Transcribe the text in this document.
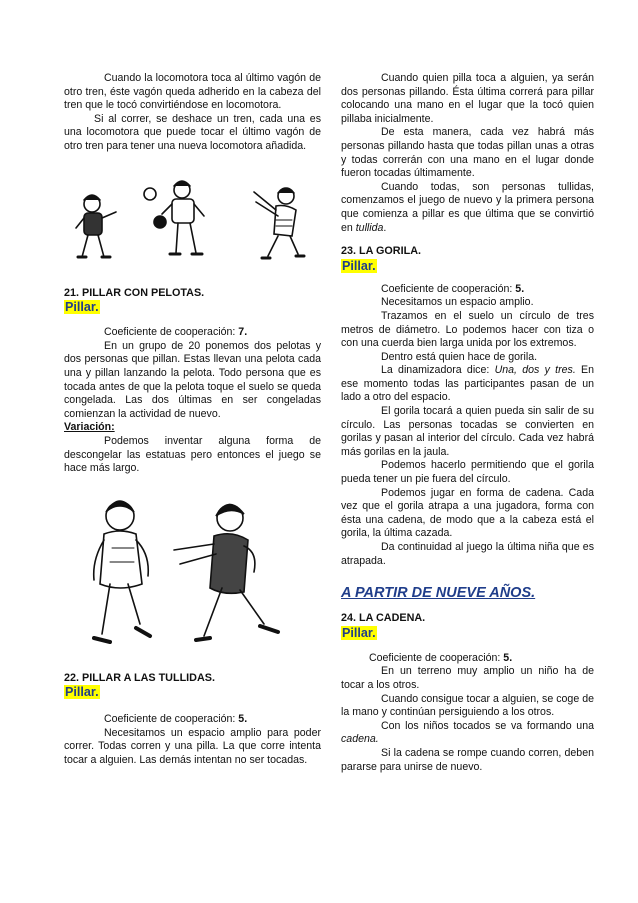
Cuando la locomotora toca al último vagón de otro tren, éste vagón queda adherido en la cabeza del tren que le tocó convirtiéndose en locomotora.

Si al correr, se deshace un tren, cada una es una locomotora que puede tocar el último vagón de otro tren para tener una nueva locomotora añadida.

21. PILLAR CON PELOTAS.

Pillar.

Coeficiente de cooperación: 7.

En un grupo de 20 ponemos dos pelotas y dos personas que pillan. Estas llevan una pelota cada una y pillan lanzando la pelota. Todo persona que es tocada antes de que la pelota toque el suelo se queda congelada. Las dos últimas en ser congeladas comienzan la actividad de nuevo.

Variación:

Podemos inventar alguna forma de descongelar las estatuas pero entonces el juego se hace más largo.

22. PILLAR A LAS TULLIDAS.

Pillar.

Coeficiente de cooperación: 5.

Necesitamos un espacio amplio para poder correr. Todas corren y una pilla. La que corre intenta tocar a alguien. Las demás intentan no ser tocadas.

Cuando quien pilla toca a alguien, ya serán dos personas pillando. Ésta última correrá para pillar colocando una mano en el lugar que la tocó quien pillaba inicialmente.

De esta manera, cada vez habrá más personas pillando hasta que todas pillan unas a otras y todas correrán con una mano en el lugar donde fueron tocadas últimamente.

Cuando todas, son personas tullidas, comenzamos el juego de nuevo y la primera persona que comienza a pillar es que última que se convirtió en tullida.

23. LA GORILA.

Pillar.

Coeficiente de cooperación: 5.

Necesitamos un espacio amplio.

Trazamos en el suelo un círculo de tres metros de diámetro. Lo podemos hacer con tiza o con una cuerda bien larga unida por los extremos.

Dentro está quien hace de gorila.

La dinamizadora dice: Una, dos y tres. En ese momento todas las participantes pasan de un lado a otro del espacio.

El gorila tocará a quien pueda sin salir de su círculo. Las personas tocadas se convierten en gorilas y pasan al interior del círculo. Cada vez habrá más gorilas en la jaula.

Podemos hacerlo permitiendo que el gorila pueda tener un pie fuera del círculo.

Podemos jugar en forma de cadena. Cada vez que el gorila atrapa a una jugadora, forma con ésta una cadena, de modo que a la cabeza está el gorila, la última cazada.

Da continuidad al juego la última niña que es atrapada.

A PARTIR DE NUEVE AÑOS.

24. LA CADENA.

Pillar.

Coeficiente de cooperación: 5.

En un terreno muy amplio un niño ha de tocar a los otros.

Cuando consigue tocar a alguien, se coge de la mano y continúan persiguiendo a los otros.

Con los niños tocados se va formando una cadena.

Si la cadena se rompe cuando corren, deben pararse para unirse de nuevo.
